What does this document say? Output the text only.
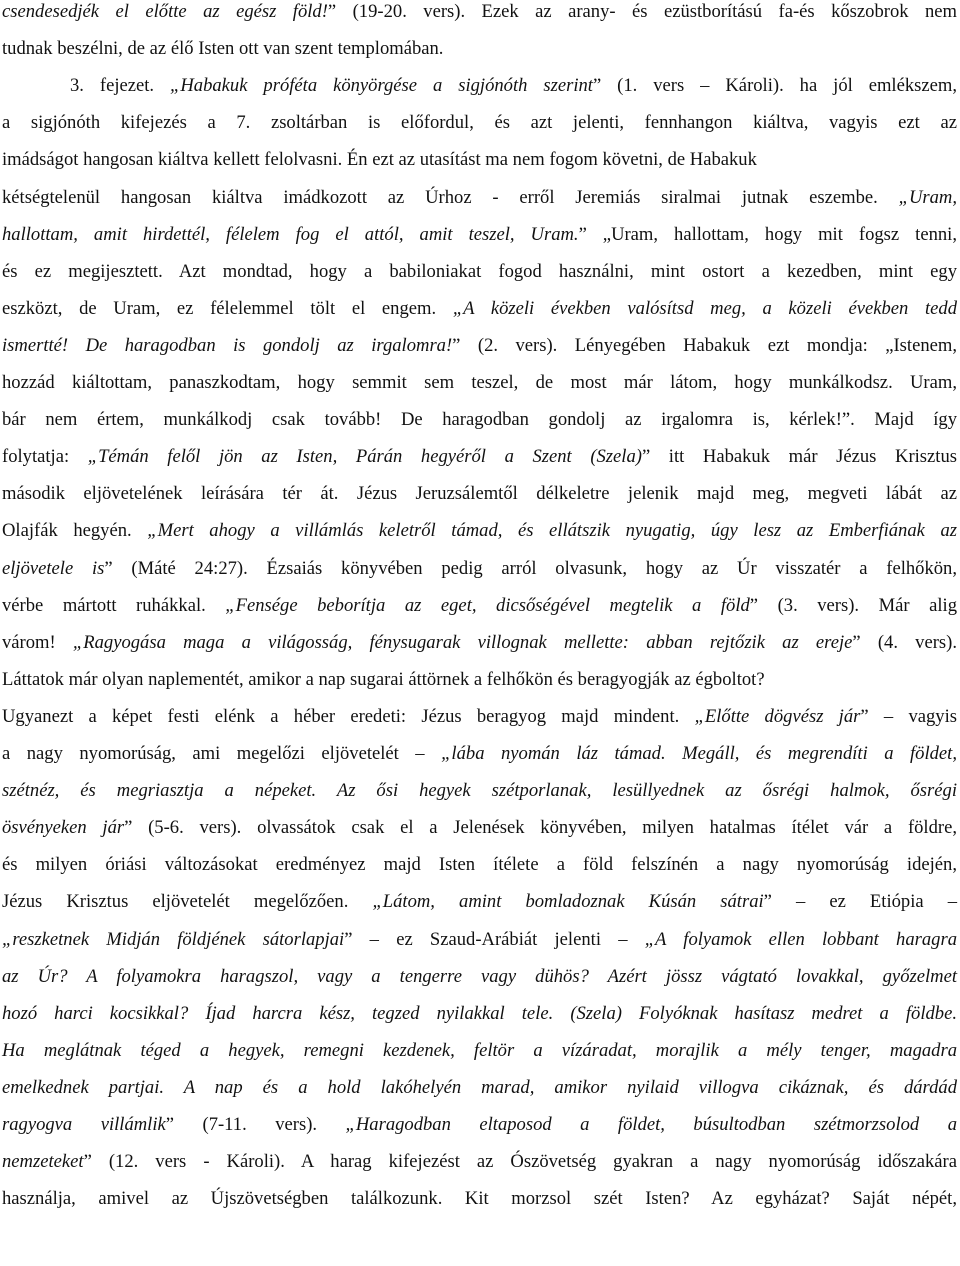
csendesedjék el előtte az egész föld!” (19-20. vers). Ezek az arany- és ezüstborítású fa-és kőszobrok nem
tudnak beszélni, de az élő Isten ott van szent templomában.
3. fejezet. „Habakuk próféta könyörgése a sigjónóth szerint” (1. vers – Károli). ha jól emlékszem,
a sigjónóth kifejezés a 7. zsoltárban is előfordul, és azt jelenti, fennhangon kiáltva, vagyis ezt az
imádságot hangosan kiáltva kellett felolvasni. Én ezt az utasítást ma nem fogom követni, de Habakuk
kétségtelenül hangosan kiáltva imádkozott az Úrhoz - erről Jeremiás siralmai jutnak eszembe. „Uram,
hallottam, amit hirdettél, félelem fog el attól, amit teszel, Uram.” „Uram, hallottam, hogy mit fogsz tenni,
és ez megijesztett. Azt mondtad, hogy a babiloniakat fogod használni, mint ostort a kezedben, mint egy
eszközt, de Uram, ez félelemmel tölt el engem. „A közeli években valósítsd meg, a közeli években tedd
ismertté! De haragodban is gondolj az irgalomra!” (2. vers). Lényegében Habakuk ezt mondja: „Istenem,
hozzád kiáltottam, panaszkodtam, hogy semmit sem teszel, de most már látom, hogy munkálkodsz. Uram,
bár nem értem, munkálkodj csak tovább! De haragodban gondolj az irgalomra is, kérlek!”. Majd így
folytatja: „Témán felől jön az Isten, Párán hegyéről a Szent (Szela)” itt Habakuk már Jézus Krisztus
második eljövetelének leírására tér át. Jézus Jeruzsálemtől délkeletre jelenik majd meg, megveti lábát az
Olajfák hegyén. „Mert ahogy a villámlás keletről támad, és ellátszik nyugatig, úgy lesz az Emberfiának az
eljövetele is” (Máté 24:27). Ézsaiás könyvében pedig arról olvasunk, hogy az Úr visszatér a felhőkön,
vérbe mártott ruhákkal. „Fensége beborítja az eget, dicsőségével megtelik a föld” (3. vers). Már alig
várom! „Ragyogása maga a világosság, fénysugarak villognak mellette: abban rejtőzik az ereje” (4. vers).
Láttatok már olyan naplementét, amikor a nap sugarai áttörnek a felhőkön és beragyogják az égboltot?
Ugyanezt a képet festi elénk a héber eredeti: Jézus beragyog majd mindent. „Előtte dögvész jár” – vagyis
a nagy nyomorúság, ami megelőzi eljövetelét – „lába nyomán láz támad. Megáll, és megrendíti a földet,
szétnéz, és megriasztja a népeket. Az ősi hegyek szétporlanak, lesüllyednek az ősrégi halmok, ősrégi
ösvényeken jár” (5-6. vers). olvassátok csak el a Jelenések könyvében, milyen hatalmas ítélet vár a földre,
és milyen óriási változásokat eredményez majd Isten ítélete a föld felszínén a nagy nyomorúság idején,
Jézus Krisztus eljövetelét megelőzően. „Látom, amint bomladoznak Kúsán sátrai” – ez Etiópia –
„reszketnek Midján földjének sátorlapjai” – ez Szaud-Arábiát jelenti – „A folyamok ellen lobbant haragra
az Úr? A folyamokra haragszol, vagy a tengerre vagy dühös? Azért jössz vágtató lovakkal, győzelmet
hozó harci kocsikkal? Íjad harcra kész, tegzed nyilakkal tele. (Szela) Folyóknak hasítasz medret a földbe.
Ha meglátnak téged a hegyek, remegni kezdenek, feltör a vízáradat, morajlik a mély tenger, magadra
emelkednek partjai. A nap és a hold lakóhelyén marad, amikor nyilaid villogva cikáznak, és dárdád
ragyogva villámlik” (7-11. vers). „Haragodban eltaposod a földet, búsultodban szétmorzsolod a
nemzeteket” (12. vers - Károli). A harag kifejezést az Ószövetség gyakran a nagy nyomorúság időszakára
használja, amivel az Újszövetségben találkozunk. Kit morzsol szét Isten? Az egyházat? Saját népét,
